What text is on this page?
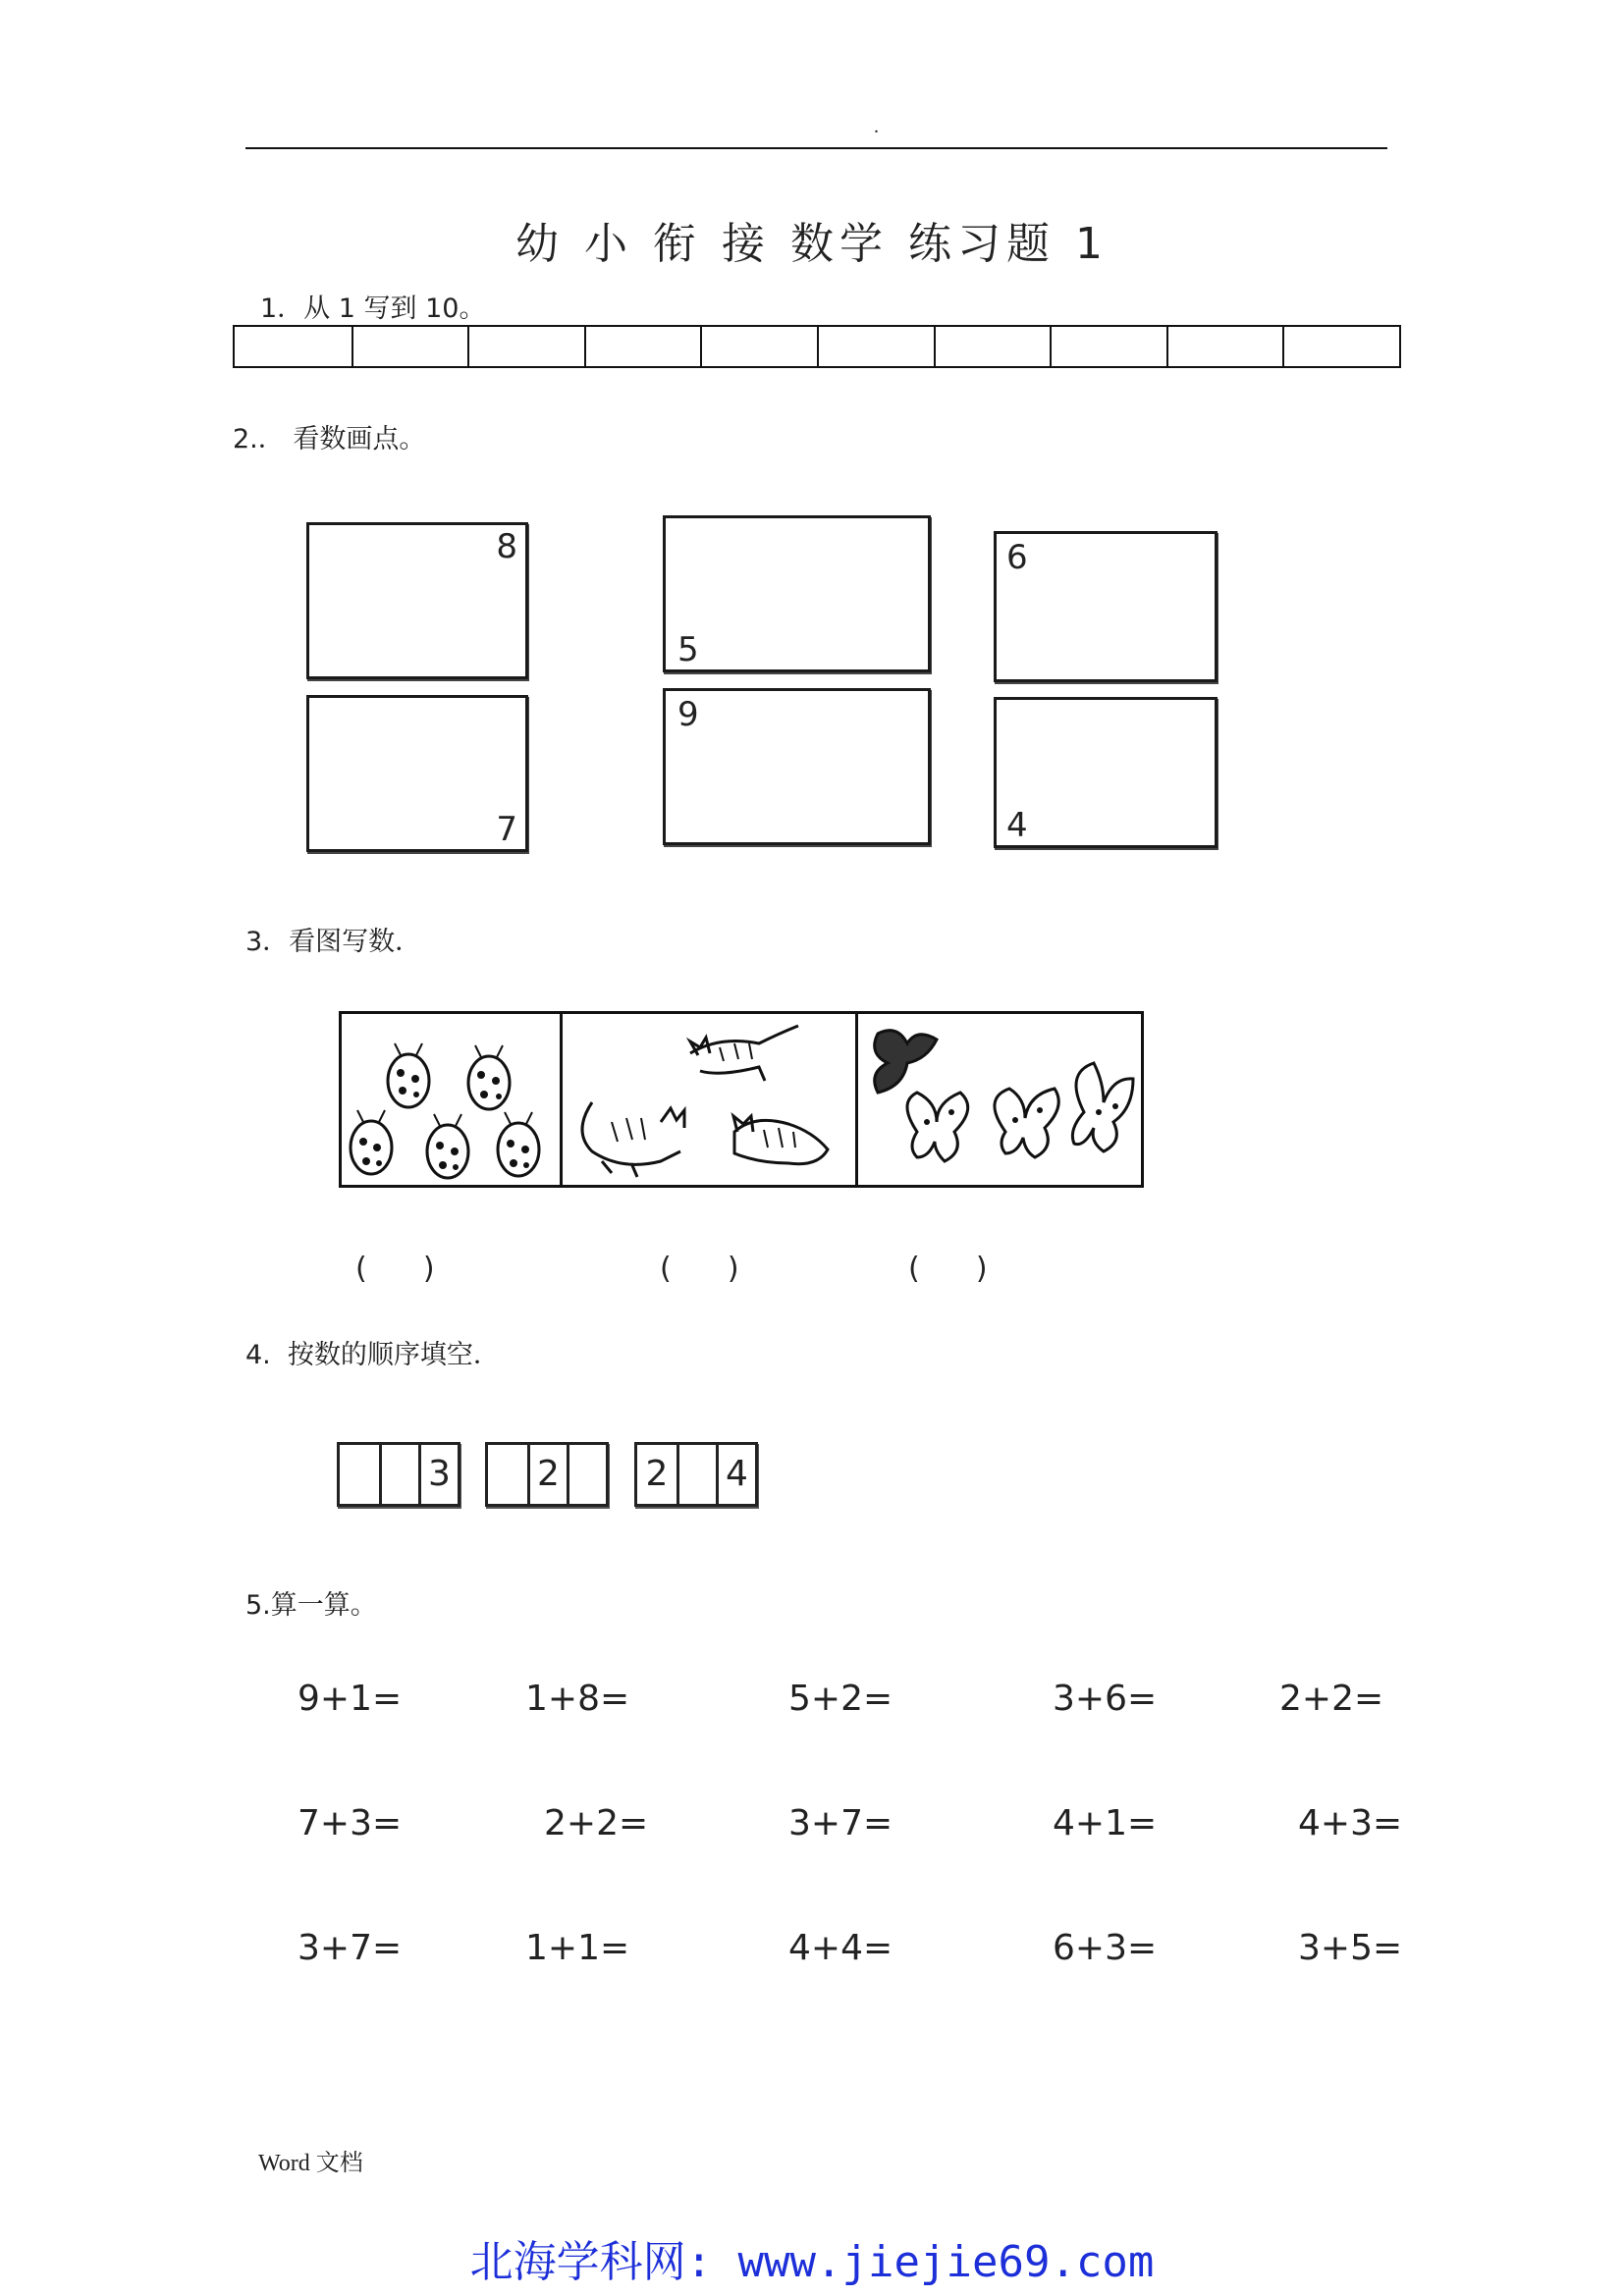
.
幼 小 衔 接 数学 练习题 1
1．从 1 写到 10。
2.． 看数画点。
8
7
5
9
6
4
3．看图写数．
(      )	(      )	(      )
4.  按数的顺序填空．
3 2 2 4
5.算一算。
9+1=	1+8=	5+2=	3+6=	2+2=
7+3=	2+2=	3+7=	4+1=	4+3=
3+7=	1+1=	4+4=	6+3=	3+5=
Word 文档
北海学科网: www.jiejie69.com
